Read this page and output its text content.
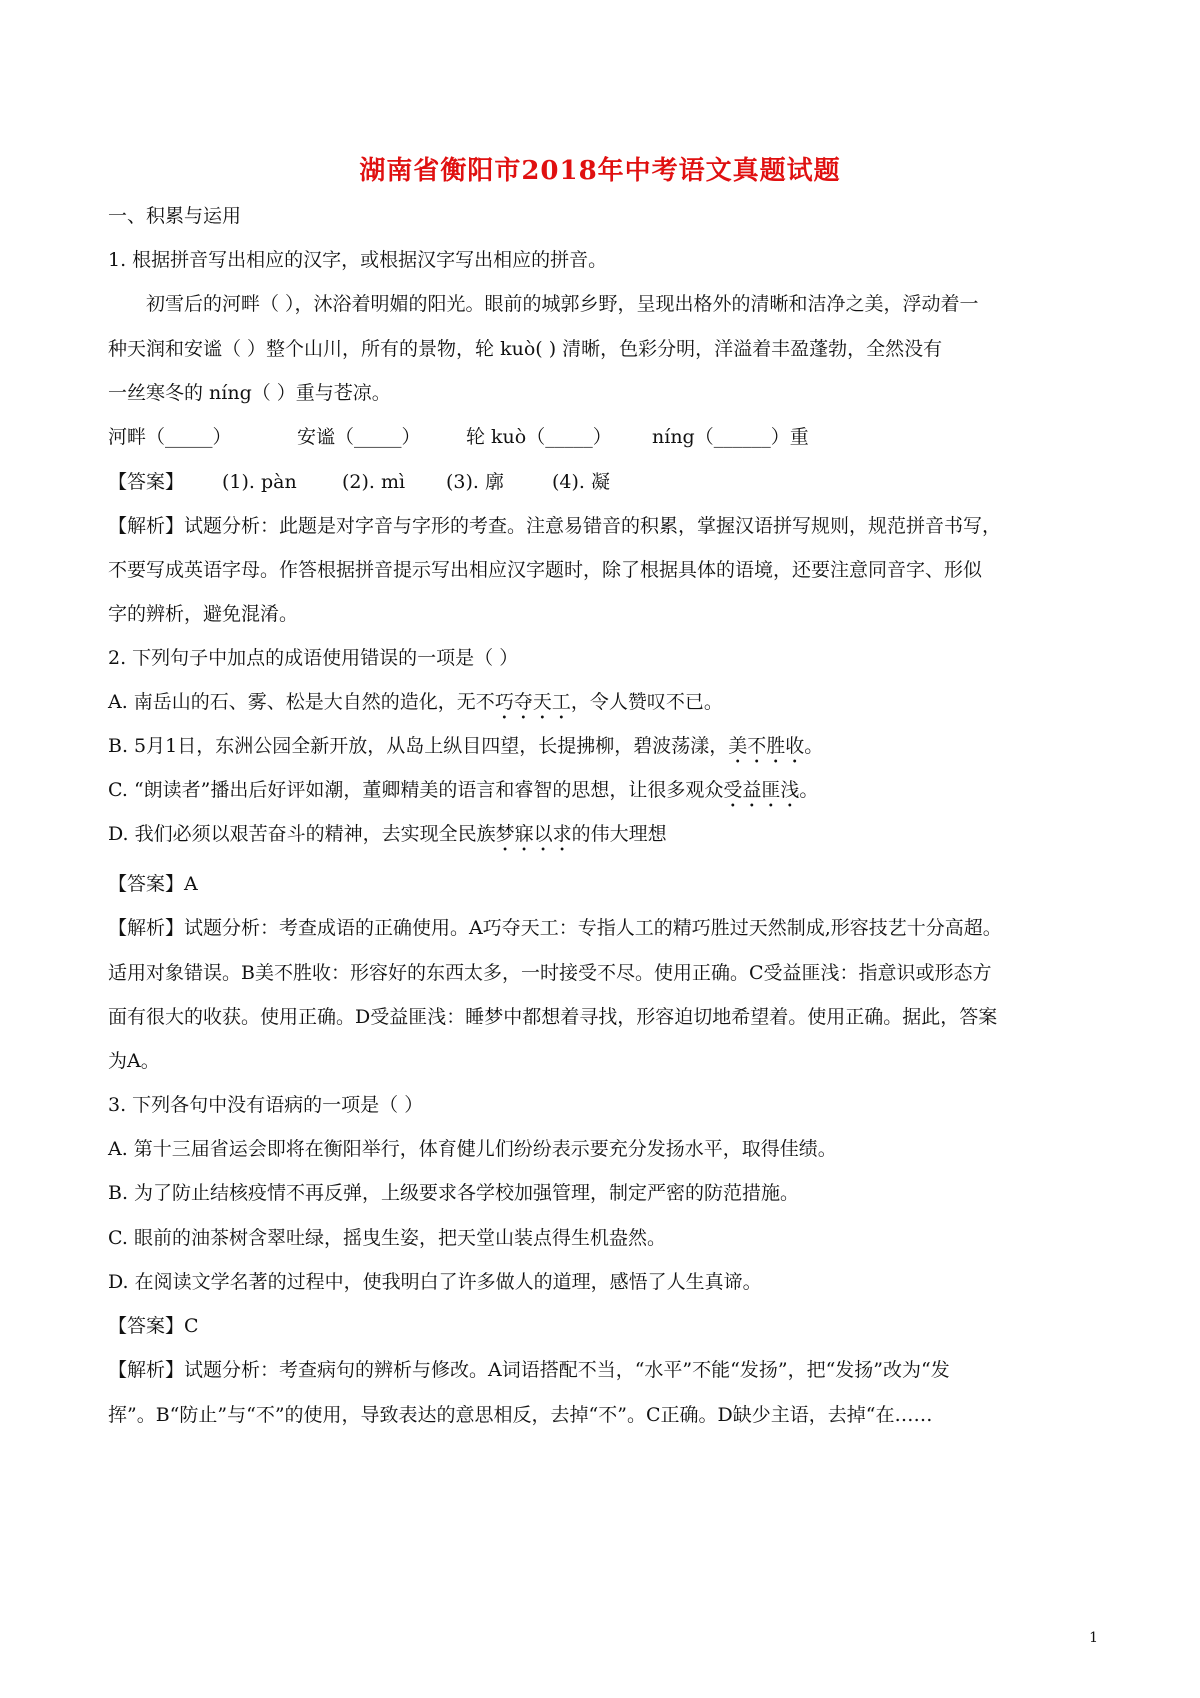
湖南省衡阳市2018年中考语文真题试题
一、积累与运用
1. 根据拼音写出相应的汉字，或根据汉字写出相应的拼音。
初雪后的河畔（ ），沐浴着明媚的阳光。眼前的城郭乡野，呈现出格外的清晰和洁净之美，浮动着一
种天润和安谧（ ）整个山川，所有的景物，轮 kuò( ) 清晰，色彩分明，洋溢着丰盈蓬勃，全然没有
一丝寒冬的 níng（ ）重与苍凉。
河畔（_____）	安谧（_____） 轮 kuò（_____） níng（______）重
【答案】 (1). pàn (2). mì (3). 廓	(4). 凝
【解析】试题分析：此题是对字音与字形的考查。注意易错音的积累，掌握汉语拼写规则，规范拼音书写，
不要写成英语字母。作答根据拼音提示写出相应汉字题时，除了根据具体的语境，还要注意同音字、形似
字的辨析，避免混淆。
2. 下列句子中加点的成语使用错误的一项是（ ）
A. 南岳山的石、雾、松是大自然的造化，无不巧夺天工，令人赞叹不已。
B. 5月1日，东洲公园全新开放，从岛上纵目四望，长提拂柳，碧波荡漾，美不胜收。
C. “朗读者”播出后好评如潮，董卿精美的语言和睿智的思想，让很多观众受益匪浅。
D. 我们必须以艰苦奋斗的精神，去实现全民族梦寐以求的伟大理想
【答案】A
【解析】试题分析：考查成语的正确使用。A巧夺天工：专指人工的精巧胜过天然制成,形容技艺十分高超。
适用对象错误。B美不胜收：形容好的东西太多，一时接受不尽。使用正确。C受益匪浅：指意识或形态方
面有很大的收获。使用正确。D受益匪浅：睡梦中都想着寻找，形容迫切地希望着。使用正确。据此，答案
为A。
3. 下列各句中没有语病的一项是（ ）
A. 第十三届省运会即将在衡阳举行，体育健儿们纷纷表示要充分发扬水平，取得佳绩。
B. 为了防止结核疫情不再反弹，上级要求各学校加强管理，制定严密的防范措施。
C. 眼前的油茶树含翠吐绿，摇曳生姿，把天堂山装点得生机盎然。
D. 在阅读文学名著的过程中，使我明白了许多做人的道理，感悟了人生真谛。
【答案】C
【解析】试题分析：考查病句的辨析与修改。A词语搭配不当，“水平”不能“发扬”，把“发扬”改为“发
挥”。B“防止”与“不”的使用，导致表达的意思相反，去掉“不”。C正确。D缺少主语，去掉“在……
1
